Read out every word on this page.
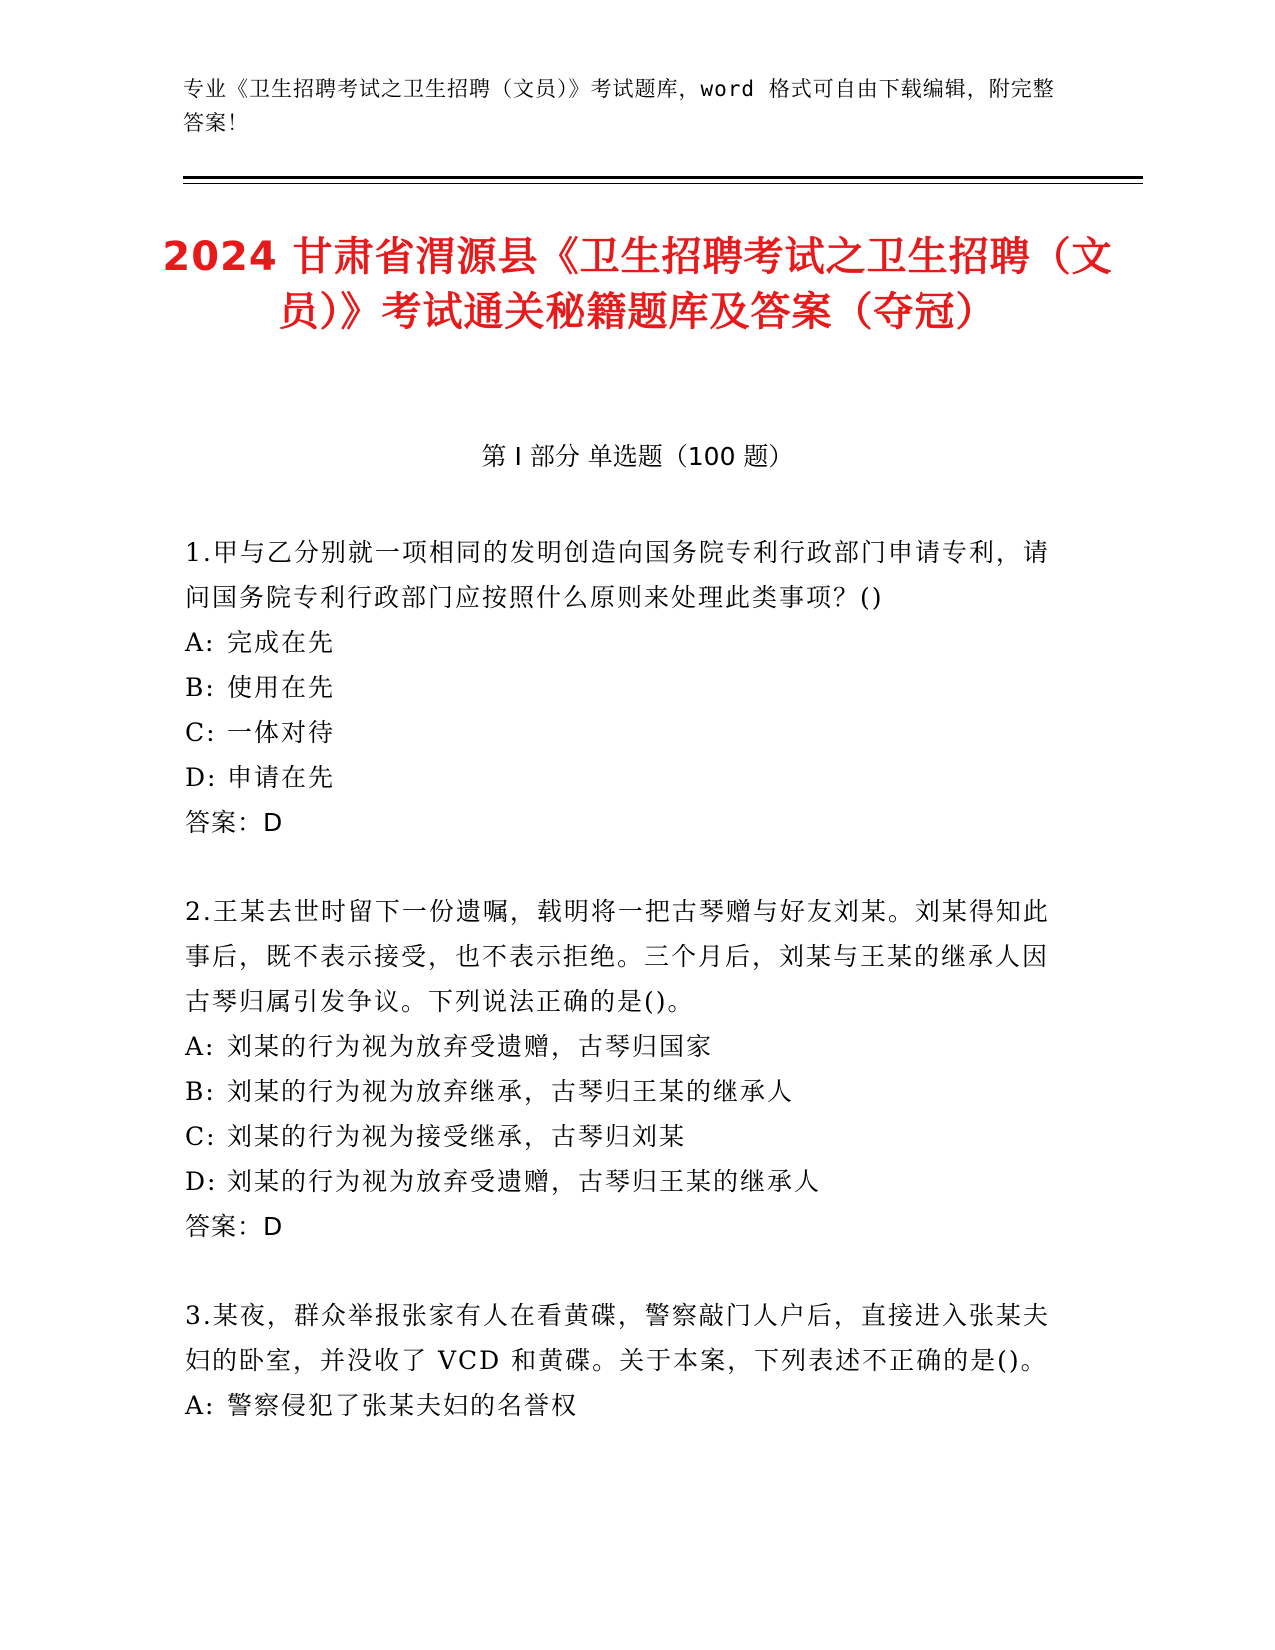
专业《卫生招聘考试之卫生招聘（文员）》考试题库，word 格式可自由下载编辑，附完整答案！
2024 甘肃省渭源县《卫生招聘考试之卫生招聘（文员）》考试通关秘籍题库及答案（夺冠）
第 I 部分 单选题（100 题）
1.甲与乙分别就一项相同的发明创造向国务院专利行政部门申请专利，请问国务院专利行政部门应按照什么原则来处理此类事项？()
A: 完成在先
B: 使用在先
C: 一体对待
D: 申请在先
答案：D
2.王某去世时留下一份遗嘱，载明将一把古琴赠与好友刘某。刘某得知此事后，既不表示接受，也不表示拒绝。三个月后，刘某与王某的继承人因古琴归属引发争议。下列说法正确的是()。
A: 刘某的行为视为放弃受遗赠，古琴归国家
B: 刘某的行为视为放弃继承，古琴归王某的继承人
C: 刘某的行为视为接受继承，古琴归刘某
D: 刘某的行为视为放弃受遗赠，古琴归王某的继承人
答案：D
3.某夜，群众举报张家有人在看黄碟，警察敲门人户后，直接进入张某夫妇的卧室，并没收了 VCD 和黄碟。关于本案，下列表述不正确的是()。
A: 警察侵犯了张某夫妇的名誉权
